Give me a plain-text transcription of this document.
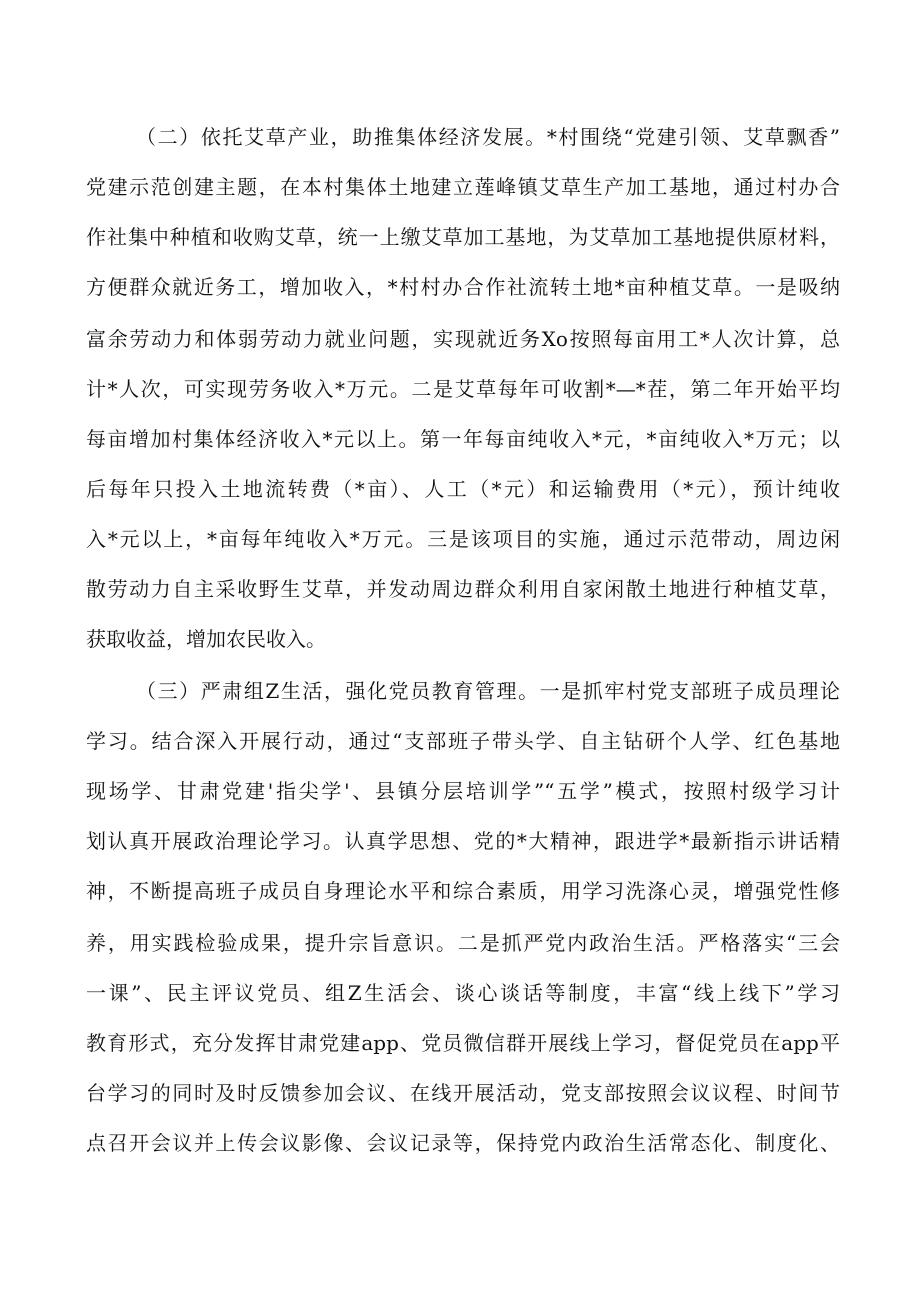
（二）依托艾草产业，助推集体经济发展。*村围绕“党建引领、艾草飘香”
党建示范创建主题，在本村集体土地建立莲峰镇艾草生产加工基地，通过村办合
作社集中种植和收购艾草，统一上缴艾草加工基地，为艾草加工基地提供原材料，
方便群众就近务工，增加收入，*村村办合作社流转土地*亩种植艾草。一是吸纳
富余劳动力和体弱劳动力就业问题，实现就近务Xo按照每亩用工*人次计算，总
计*人次，可实现劳务收入*万元。二是艾草每年可收割*—*茬，第二年开始平均
每亩增加村集体经济收入*元以上。第一年每亩纯收入*元，*亩纯收入*万元；以
后每年只投入土地流转费（*亩）、人工（*元）和运输费用（*元），预计纯收
入*元以上，*亩每年纯收入*万元。三是该项目的实施，通过示范带动，周边闲
散劳动力自主采收野生艾草，并发动周边群众利用自家闲散土地进行种植艾草，
获取收益，增加农民收入。
（三）严肃组Z生活，强化党员教育管理。一是抓牢村党支部班子成员理论
学习。结合深入开展行动，通过“支部班子带头学、自主钻研个人学、红色基地
现场学、甘肃党建'指尖学'、县镇分层培训学”“五学”模式，按照村级学习计
划认真开展政治理论学习。认真学思想、党的*大精神，跟进学*最新指示讲话精
神，不断提高班子成员自身理论水平和综合素质，用学习洗涤心灵，增强党性修
养，用实践检验成果，提升宗旨意识。二是抓严党内政治生活。严格落实“三会
一课”、民主评议党员、组Z生活会、谈心谈话等制度，丰富“线上线下”学习
教育形式，充分发挥甘肃党建app、党员微信群开展线上学习，督促党员在app平
台学习的同时及时反馈参加会议、在线开展活动，党支部按照会议议程、时间节
点召开会议并上传会议影像、会议记录等，保持党内政治生活常态化、制度化、
